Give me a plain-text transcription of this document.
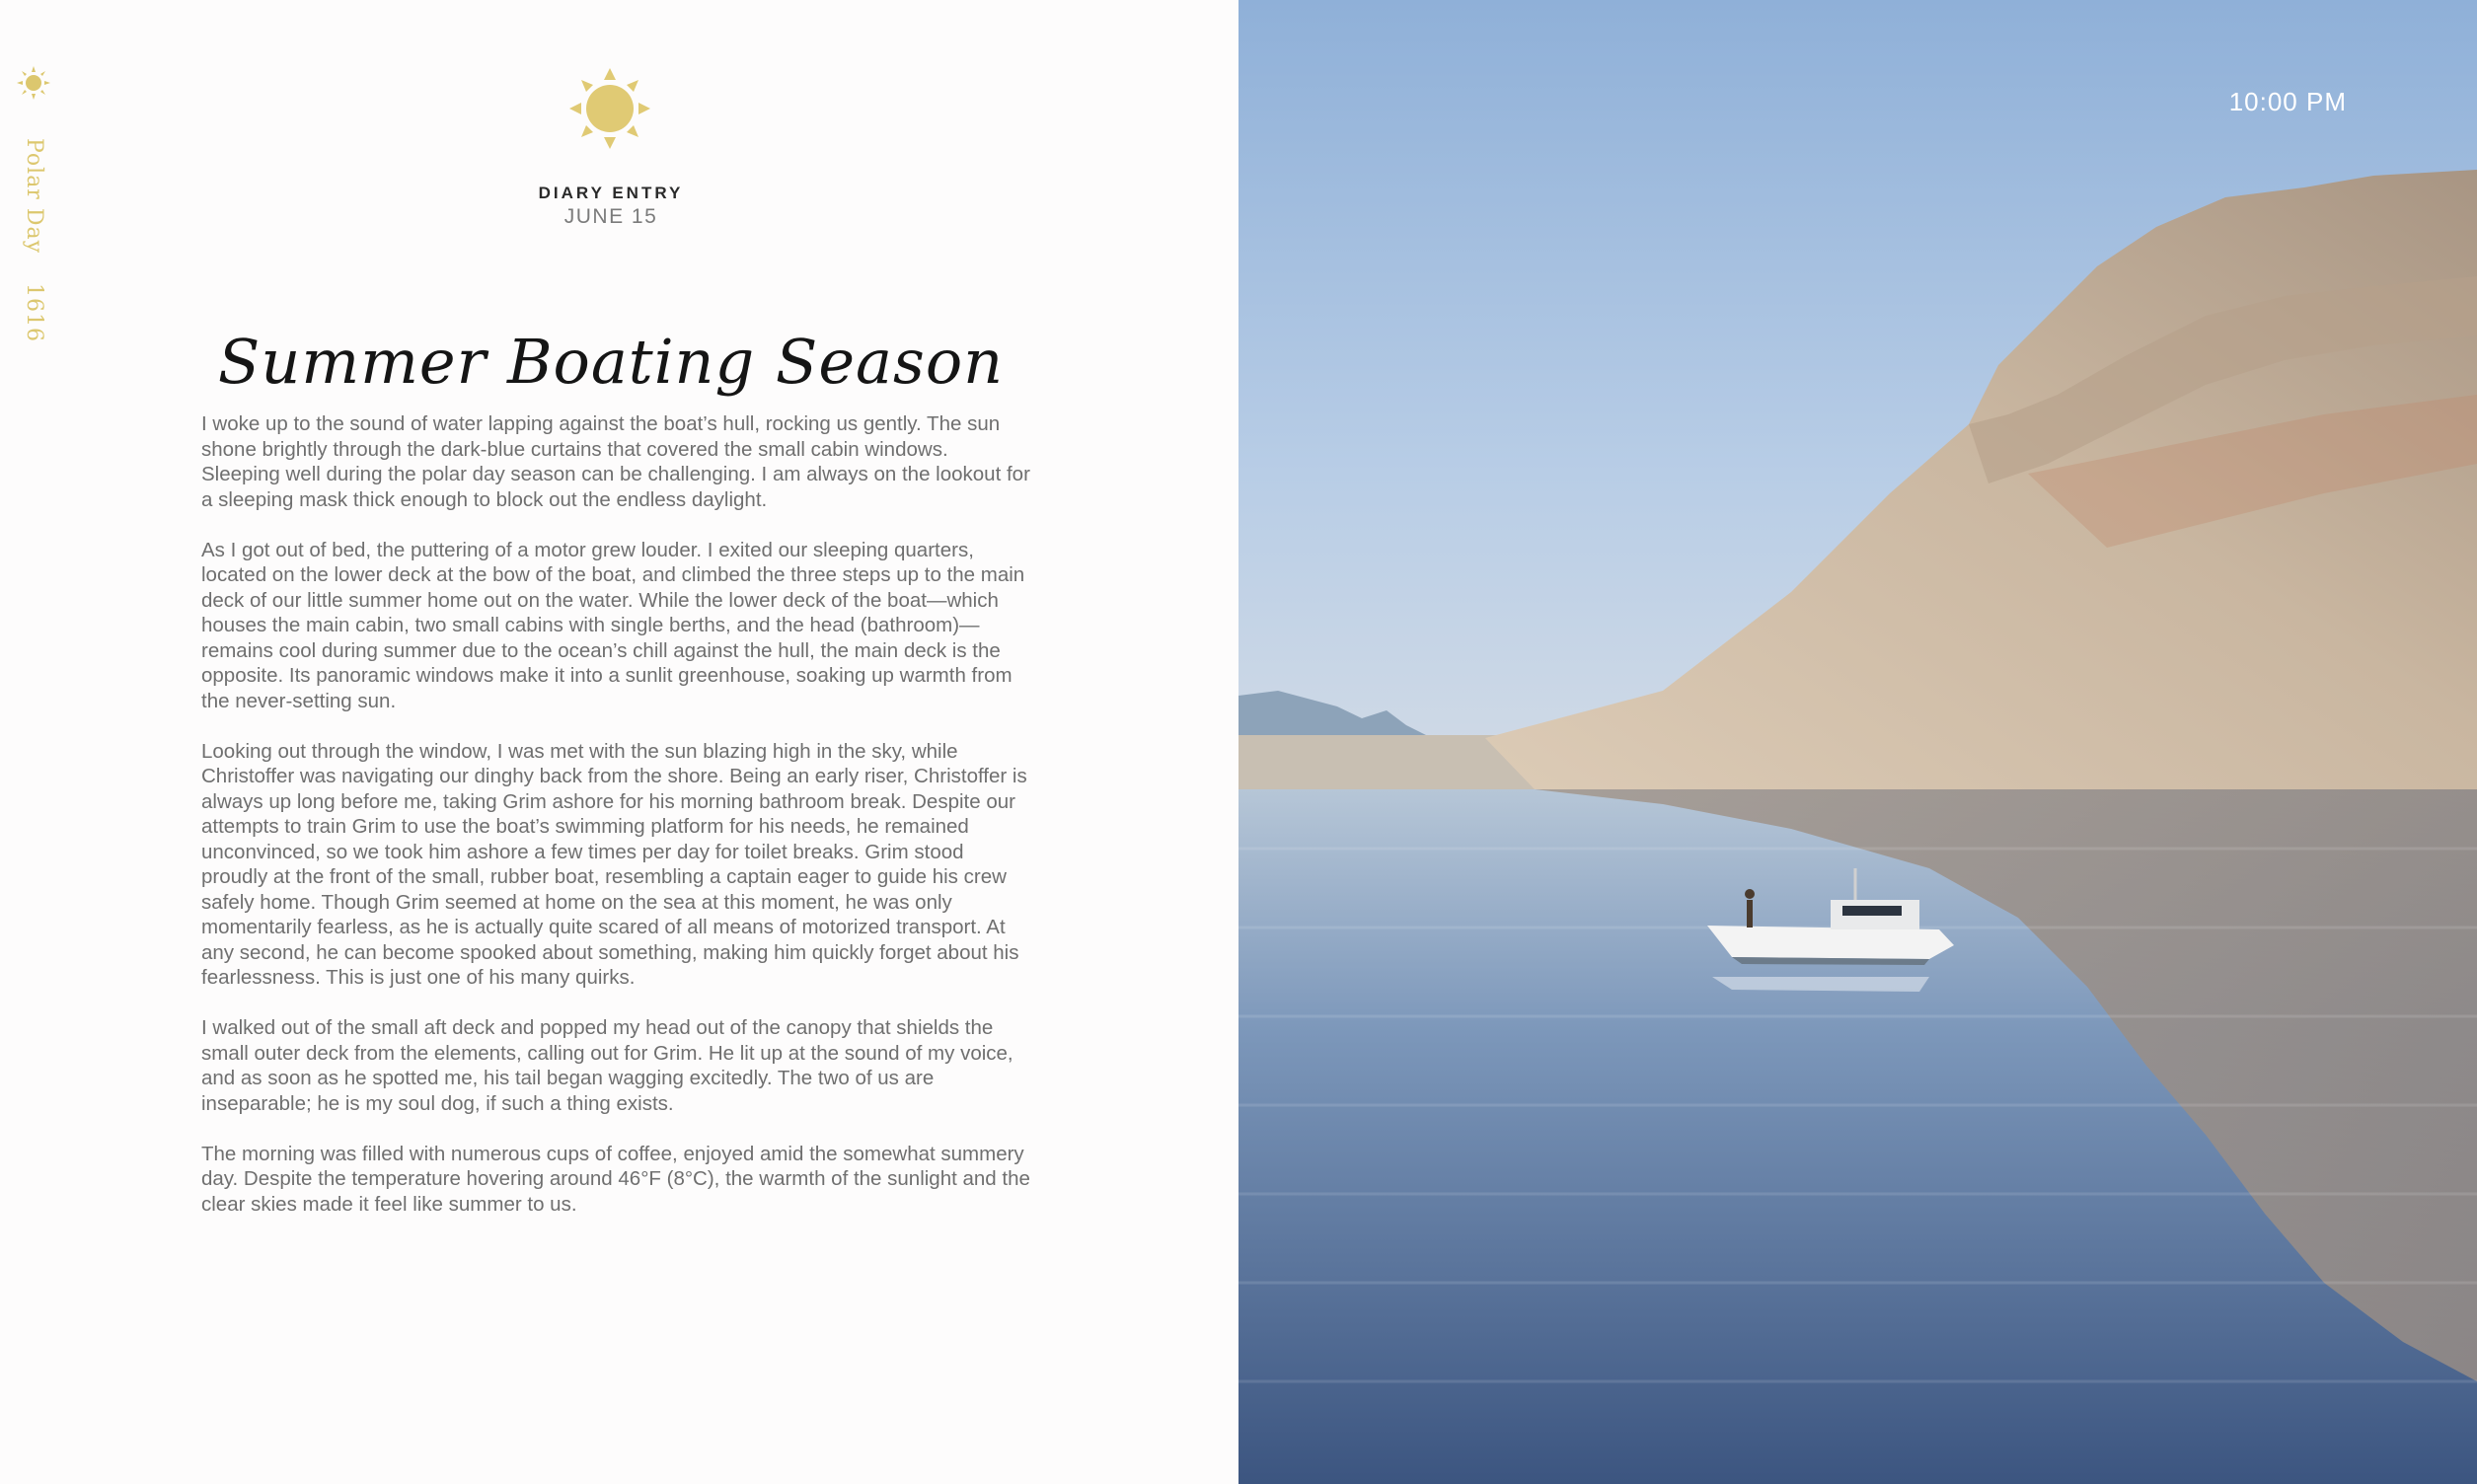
Polar Day 1616
DIARY ENTRY
JUNE 15
Summer Boating Season

I woke up to the sound of water lapping against the boat’s hull, rocking us gently. The sun shone brightly through the dark-blue curtains that covered the small cabin windows. Sleeping well during the polar day season can be challenging. I am always on the lookout for a sleeping mask thick enough to block out the endless daylight.

As I got out of bed, the puttering of a motor grew louder. I exited our sleeping quarters, located on the lower deck at the bow of the boat, and climbed the three steps up to the main deck of our little summer home out on the water. While the lower deck of the boat—which houses the main cabin, two small cabins with single berths, and the head (bathroom)—remains cool during summer due to the ocean’s chill against the hull, the main deck is the opposite. Its panoramic windows make it into a sunlit greenhouse, soaking up warmth from the never-setting sun.

Looking out through the window, I was met with the sun blazing high in the sky, while Christoffer was navigating our dinghy back from the shore. Being an early riser, Christoffer is always up long before me, taking Grim ashore for his morning bathroom break. Despite our attempts to train Grim to use the boat’s swimming platform for his needs, he remained unconvinced, so we took him ashore a few times per day for toilet breaks. Grim stood proudly at the front of the small, rubber boat, resembling a captain eager to guide his crew safely home. Though Grim seemed at home on the sea at this moment, he was only momentarily fearless, as he is actually quite scared of all means of motorized transport. At any second, he can become spooked about something, making him quickly forget about his fearlessness. This is just one of his many quirks.

I walked out of the small aft deck and popped my head out of the canopy that shields the small outer deck from the elements, calling out for Grim. He lit up at the sound of my voice, and as soon as he spotted me, his tail began wagging excitedly. The two of us are inseparable; he is my soul dog, if such a thing exists.

The morning was filled with numerous cups of coffee, enjoyed amid the somewhat summery day. Despite the temperature hovering around 46°F (8°C), the warmth of the sunlight and the clear skies made it feel like summer to us.

10:00 PM
